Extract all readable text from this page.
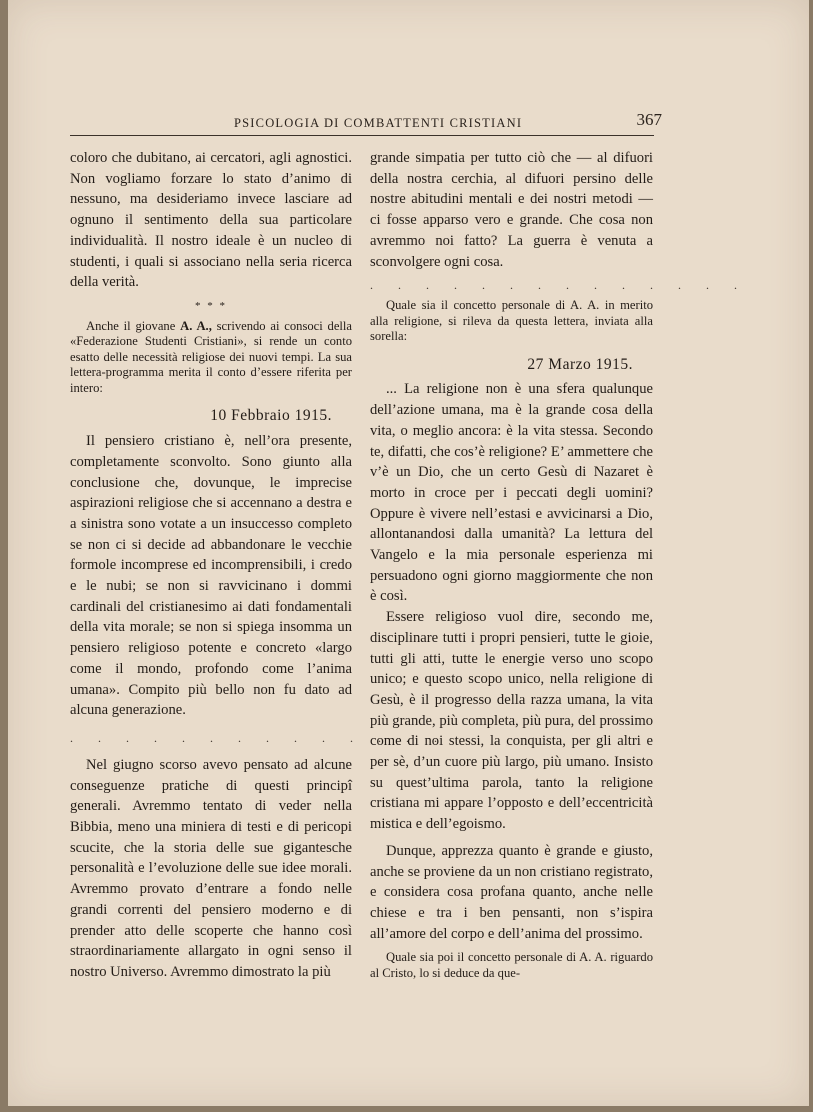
PSICOLOGIA DI COMBATTENTI CRISTIANI	367

coloro che dubitano, ai cercatori, agli agnostici. Non vogliamo forzare lo stato d’animo di nessuno, ma desideriamo invece lasciare ad ognuno il sentimento della sua particolare individualità. Il nostro ideale è un nucleo di studenti, i quali si associano nella seria ricerca della verità.

* * *

Anche il giovane A. A., scrivendo ai consoci della «Federazione Studenti Cristiani», si rende un conto esatto delle necessità religiose dei nuovi tempi. La sua lettera-programma merita il conto d’essere riferita per intero:

10 Febbraio 1915.

Il pensiero cristiano è, nell’ora presente, completamente sconvolto. Sono giunto alla conclusione che, dovunque, le imprecise aspirazioni religiose che si accennano a destra e a sinistra sono votate a un insuccesso completo se non ci si decide ad abbandonare le vecchie formole incomprese ed incomprensibili, i credo e le nubi; se non si ravvicinano i dommi cardinali del cristianesimo ai dati fondamentali della vita morale; se non si spiega insomma un pensiero religioso potente e concreto «largo come il mondo, profondo come l’anima umana». Compito più bello non fu dato ad alcuna generazione.

. . . . . . . . . . . . . .

Nel giugno scorso avevo pensato ad alcune conseguenze pratiche di questi principî generali. Avremmo tentato di veder nella Bibbia, meno una miniera di testi e di pericopi scucite, che la storia delle sue gigantesche personalità e l’evoluzione delle sue idee morali. Avremmo provato d’entrare a fondo nelle grandi correnti del pensiero moderno e di prender atto delle scoperte che hanno così straordinariamente allargato in ogni senso il nostro Universo. Avremmo dimostrato la più

grande simpatia per tutto ciò che — al difuori della nostra cerchia, al difuori persino delle nostre abitudini mentali e dei nostri metodi — ci fosse apparso vero e grande. Che cosa non avremmo noi fatto? La guerra è venuta a sconvolgere ogni cosa.

. . . . . . . . . . . . . .

Quale sia il concetto personale di A. A. in merito alla religione, si rileva da questa lettera, inviata alla sorella:

27 Marzo 1915.

... La religione non è una sfera qualunque dell’azione umana, ma è la grande cosa della vita, o meglio ancora: è la vita stessa. Secondo te, difatti, che cos’è religione? E’ ammettere che v’è un Dio, che un certo Gesù di Nazaret è morto in croce per i peccati degli uomini? Oppure è vivere nell’estasi e avvicinarsi a Dio, allontanandosi dalla umanità? La lettura del Vangelo e la mia personale esperienza mi persuadono ogni giorno maggiormente che non è così.

Essere religioso vuol dire, secondo me, disciplinare tutti i propri pensieri, tutte le gioie, tutti gli atti, tutte le energie verso uno scopo unico; e questo scopo unico, nella religione di Gesù, è il progresso della razza umana, la vita più grande, più completa, più pura, del prossimo come di noi stessi, la conquista, per gli altri e per sè, d’un cuore più largo, più umano. Insisto su quest’ultima parola, tanto la religione cristiana mi appare l’opposto e dell’eccentricità mistica e dell’egoismo.

Dunque, apprezza quanto è grande e giusto, anche se proviene da un non cristiano registrato, e considera cosa profana quanto, anche nelle chiese e tra i ben pensanti, non s’ispira all’amore del corpo e dell’anima del prossimo.

Quale sia poi il concetto personale di A. A. riguardo al Cristo, lo si deduce da que-
